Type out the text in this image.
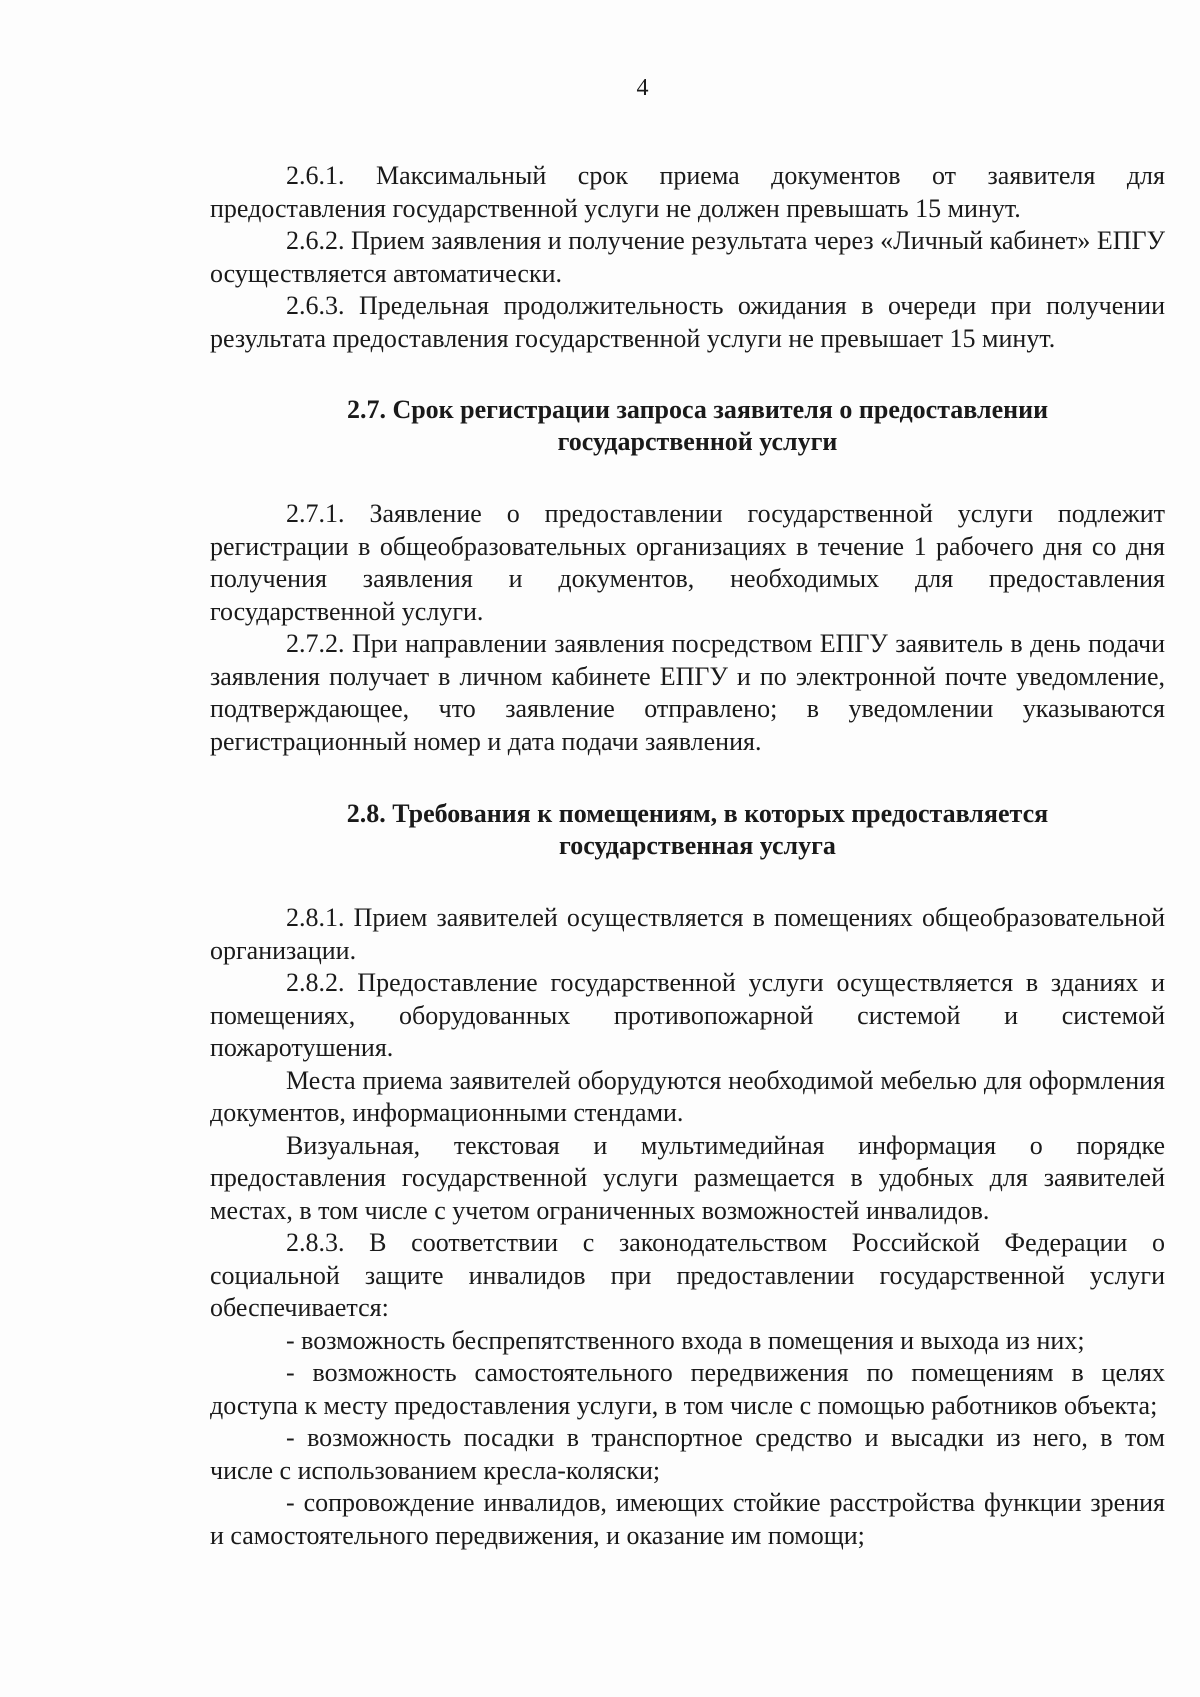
4

2.6.1. Максимальный срок приема документов от заявителя для предоставления государственной услуги не должен превышать 15 минут.

2.6.2. Прием заявления и получение результата через «Личный кабинет» ЕПГУ осуществляется автоматически.

2.6.3. Предельная продолжительность ожидания в очереди при получении результата предоставления государственной услуги не превышает 15 минут.

2.7. Срок регистрации запроса заявителя о предоставлении
государственной услуги

2.7.1. Заявление о предоставлении государственной услуги подлежит регистрации в общеобразовательных организациях в течение 1 рабочего дня со дня получения заявления и документов, необходимых для предоставления государственной услуги.

2.7.2. При направлении заявления посредством ЕПГУ заявитель в день подачи заявления получает в личном кабинете ЕПГУ и по электронной почте уведомление, подтверждающее, что заявление отправлено; в уведомлении указываются регистрационный номер и дата подачи заявления.

2.8. Требования к помещениям, в которых предоставляется
государственная услуга

2.8.1. Прием заявителей осуществляется в помещениях общеобразовательной организации.

2.8.2. Предоставление государственной услуги осуществляется в зданиях и помещениях, оборудованных противопожарной системой и системой пожаротушения.

Места приема заявителей оборудуются необходимой мебелью для оформления документов, информационными стендами.

Визуальная, текстовая и мультимедийная информация о порядке предоставления государственной услуги размещается в удобных для заявителей местах, в том числе с учетом ограниченных возможностей инвалидов.

2.8.3. В соответствии с законодательством Российской Федерации о социальной защите инвалидов при предоставлении государственной услуги обеспечивается:

- возможность беспрепятственного входа в помещения и выхода из них;

- возможность самостоятельного передвижения по помещениям в целях доступа к месту предоставления услуги, в том числе с помощью работников объекта;

- возможность посадки в транспортное средство и высадки из него, в том числе с использованием кресла-коляски;

- сопровождение инвалидов, имеющих стойкие расстройства функции зрения и самостоятельного передвижения, и оказание им помощи;
